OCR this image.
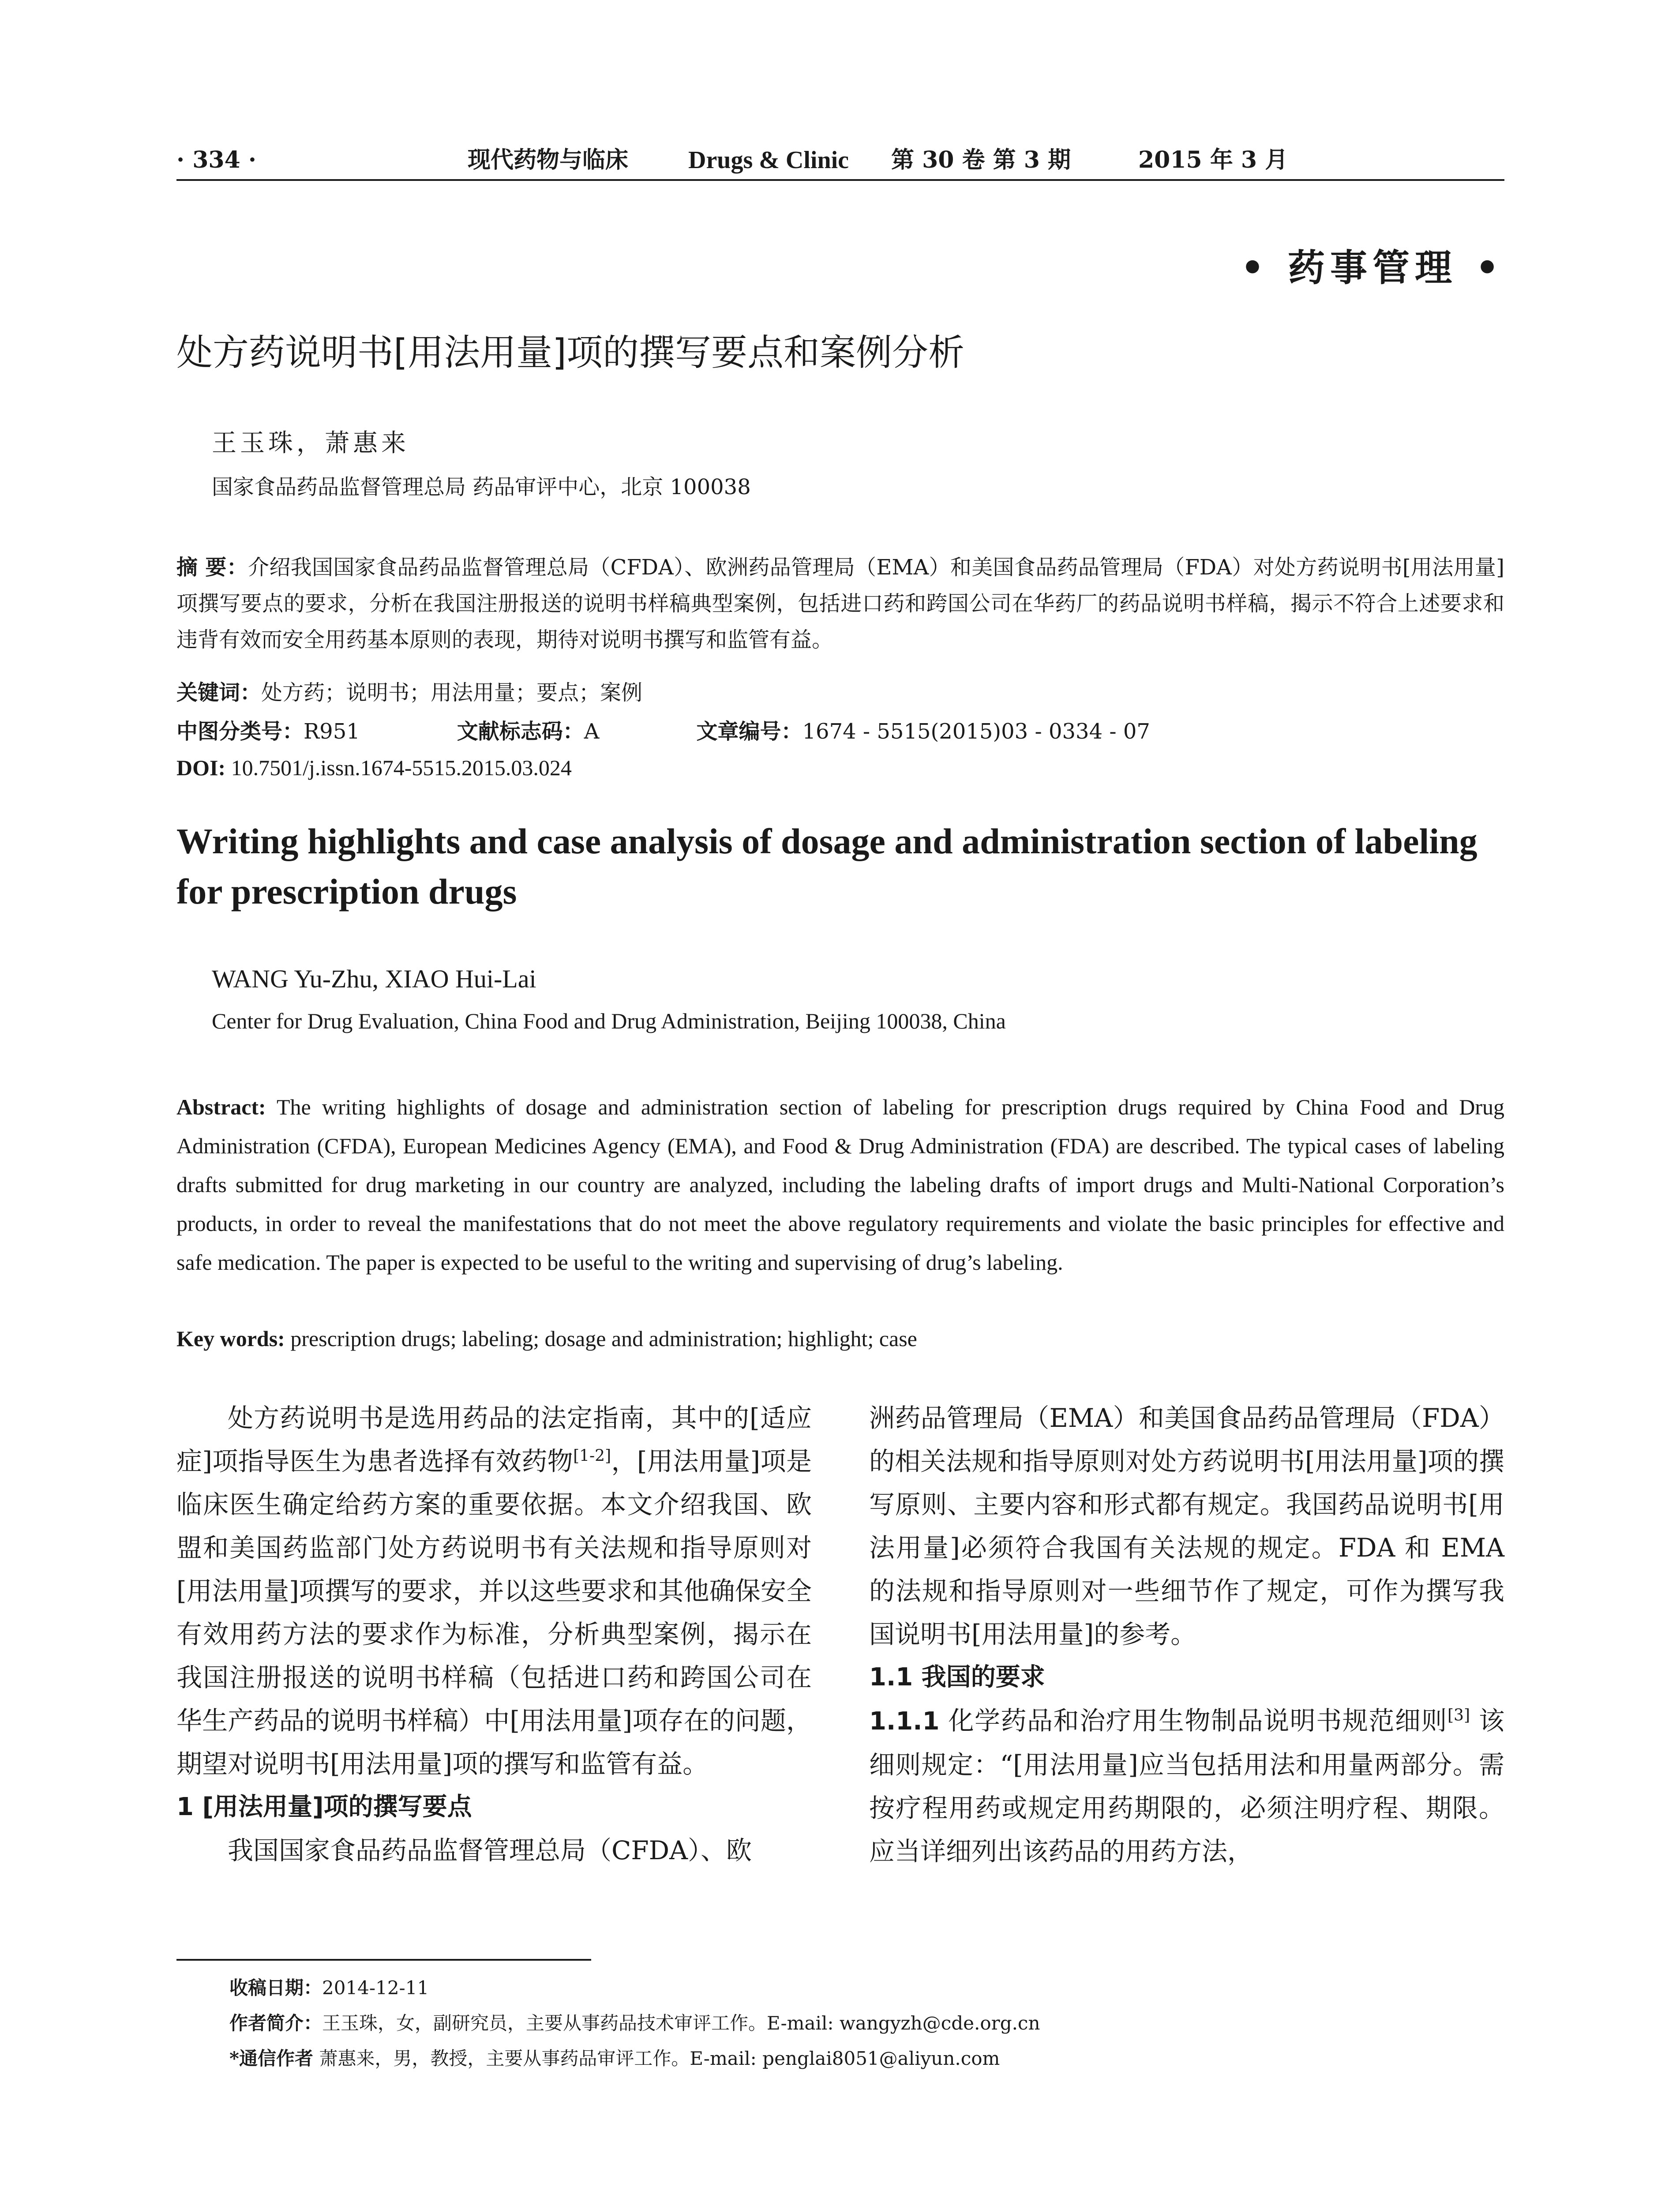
· 334 ·	现代药物与临床 Drugs & Clinic 第 30 卷 第 3 期	2015 年 3 月
• 药事管理 •
处方药说明书[用法用量]项的撰写要点和案例分析
王玉珠，萧惠来
国家食品药品监督管理总局 药品审评中心，北京 100038
摘 要：介绍我国国家食品药品监督管理总局（CFDA）、欧洲药品管理局（EMA）和美国食品药品管理局（FDA）对处方药说明书[用法用量]项撰写要点的要求，分析在我国注册报送的说明书样稿典型案例，包括进口药和跨国公司在华药厂的药品说明书样稿，揭示不符合上述要求和违背有效而安全用药基本原则的表现，期待对说明书撰写和监管有益。
关键词：处方药；说明书；用法用量；要点；案例
中图分类号：R951	文献标志码：A	文章编号：1674 - 5515(2015)03 - 0334 - 07
DOI: 10.7501/j.issn.1674-5515.2015.03.024
Writing highlights and case analysis of dosage and administration section of labeling for prescription drugs
WANG Yu-Zhu, XIAO Hui-Lai
Center for Drug Evaluation, China Food and Drug Administration, Beijing 100038, China
Abstract: The writing highlights of dosage and administration section of labeling for prescription drugs required by China Food and Drug Administration (CFDA), European Medicines Agency (EMA), and Food & Drug Administration (FDA) are described. The typical cases of labeling drafts submitted for drug marketing in our country are analyzed, including the labeling drafts of import drugs and Multi-National Corporation’s products, in order to reveal the manifestations that do not meet the above regulatory requirements and violate the basic principles for effective and safe medication. The paper is expected to be useful to the writing and supervising of drug’s labeling.
Key words: prescription drugs; labeling; dosage and administration; highlight; case

处方药说明书是选用药品的法定指南，其中的[适应症]项指导医生为患者选择有效药物[1-2]，[用法用量]项是临床医生确定给药方案的重要依据。本文介绍我国、欧盟和美国药监部门处方药说明书有关法规和指导原则对[用法用量]项撰写的要求，并以这些要求和其他确保安全有效用药方法的要求作为标准，分析典型案例，揭示在我国注册报送的说明书样稿（包括进口药和跨国公司在华生产药品的说明书样稿）中[用法用量]项存在的问题，期望对说明书[用法用量]项的撰写和监管有益。

1 [用法用量]项的撰写要点

我国国家食品药品监督管理总局（CFDA）、欧

洲药品管理局（EMA）和美国食品药品管理局（FDA）的相关法规和指导原则对处方药说明书[用法用量]项的撰写原则、主要内容和形式都有规定。我国药品说明书[用法用量]必须符合我国有关法规的规定。FDA 和 EMA 的法规和指导原则对一些细节作了规定，可作为撰写我国说明书[用法用量]的参考。

1.1 我国的要求

1.1.1 化学药品和治疗用生物制品说明书规范细则[3] 该细则规定：“[用法用量]应当包括用法和用量两部分。需按疗程用药或规定用药期限的，必须注明疗程、期限。应当详细列出该药品的用药方法，

收稿日期：2014-12-11
作者简介：王玉珠，女，副研究员，主要从事药品技术审评工作。E-mail: wangyzh@cde.org.cn
*通信作者 萧惠来，男，教授，主要从事药品审评工作。E-mail: penglai8051@aliyun.com
